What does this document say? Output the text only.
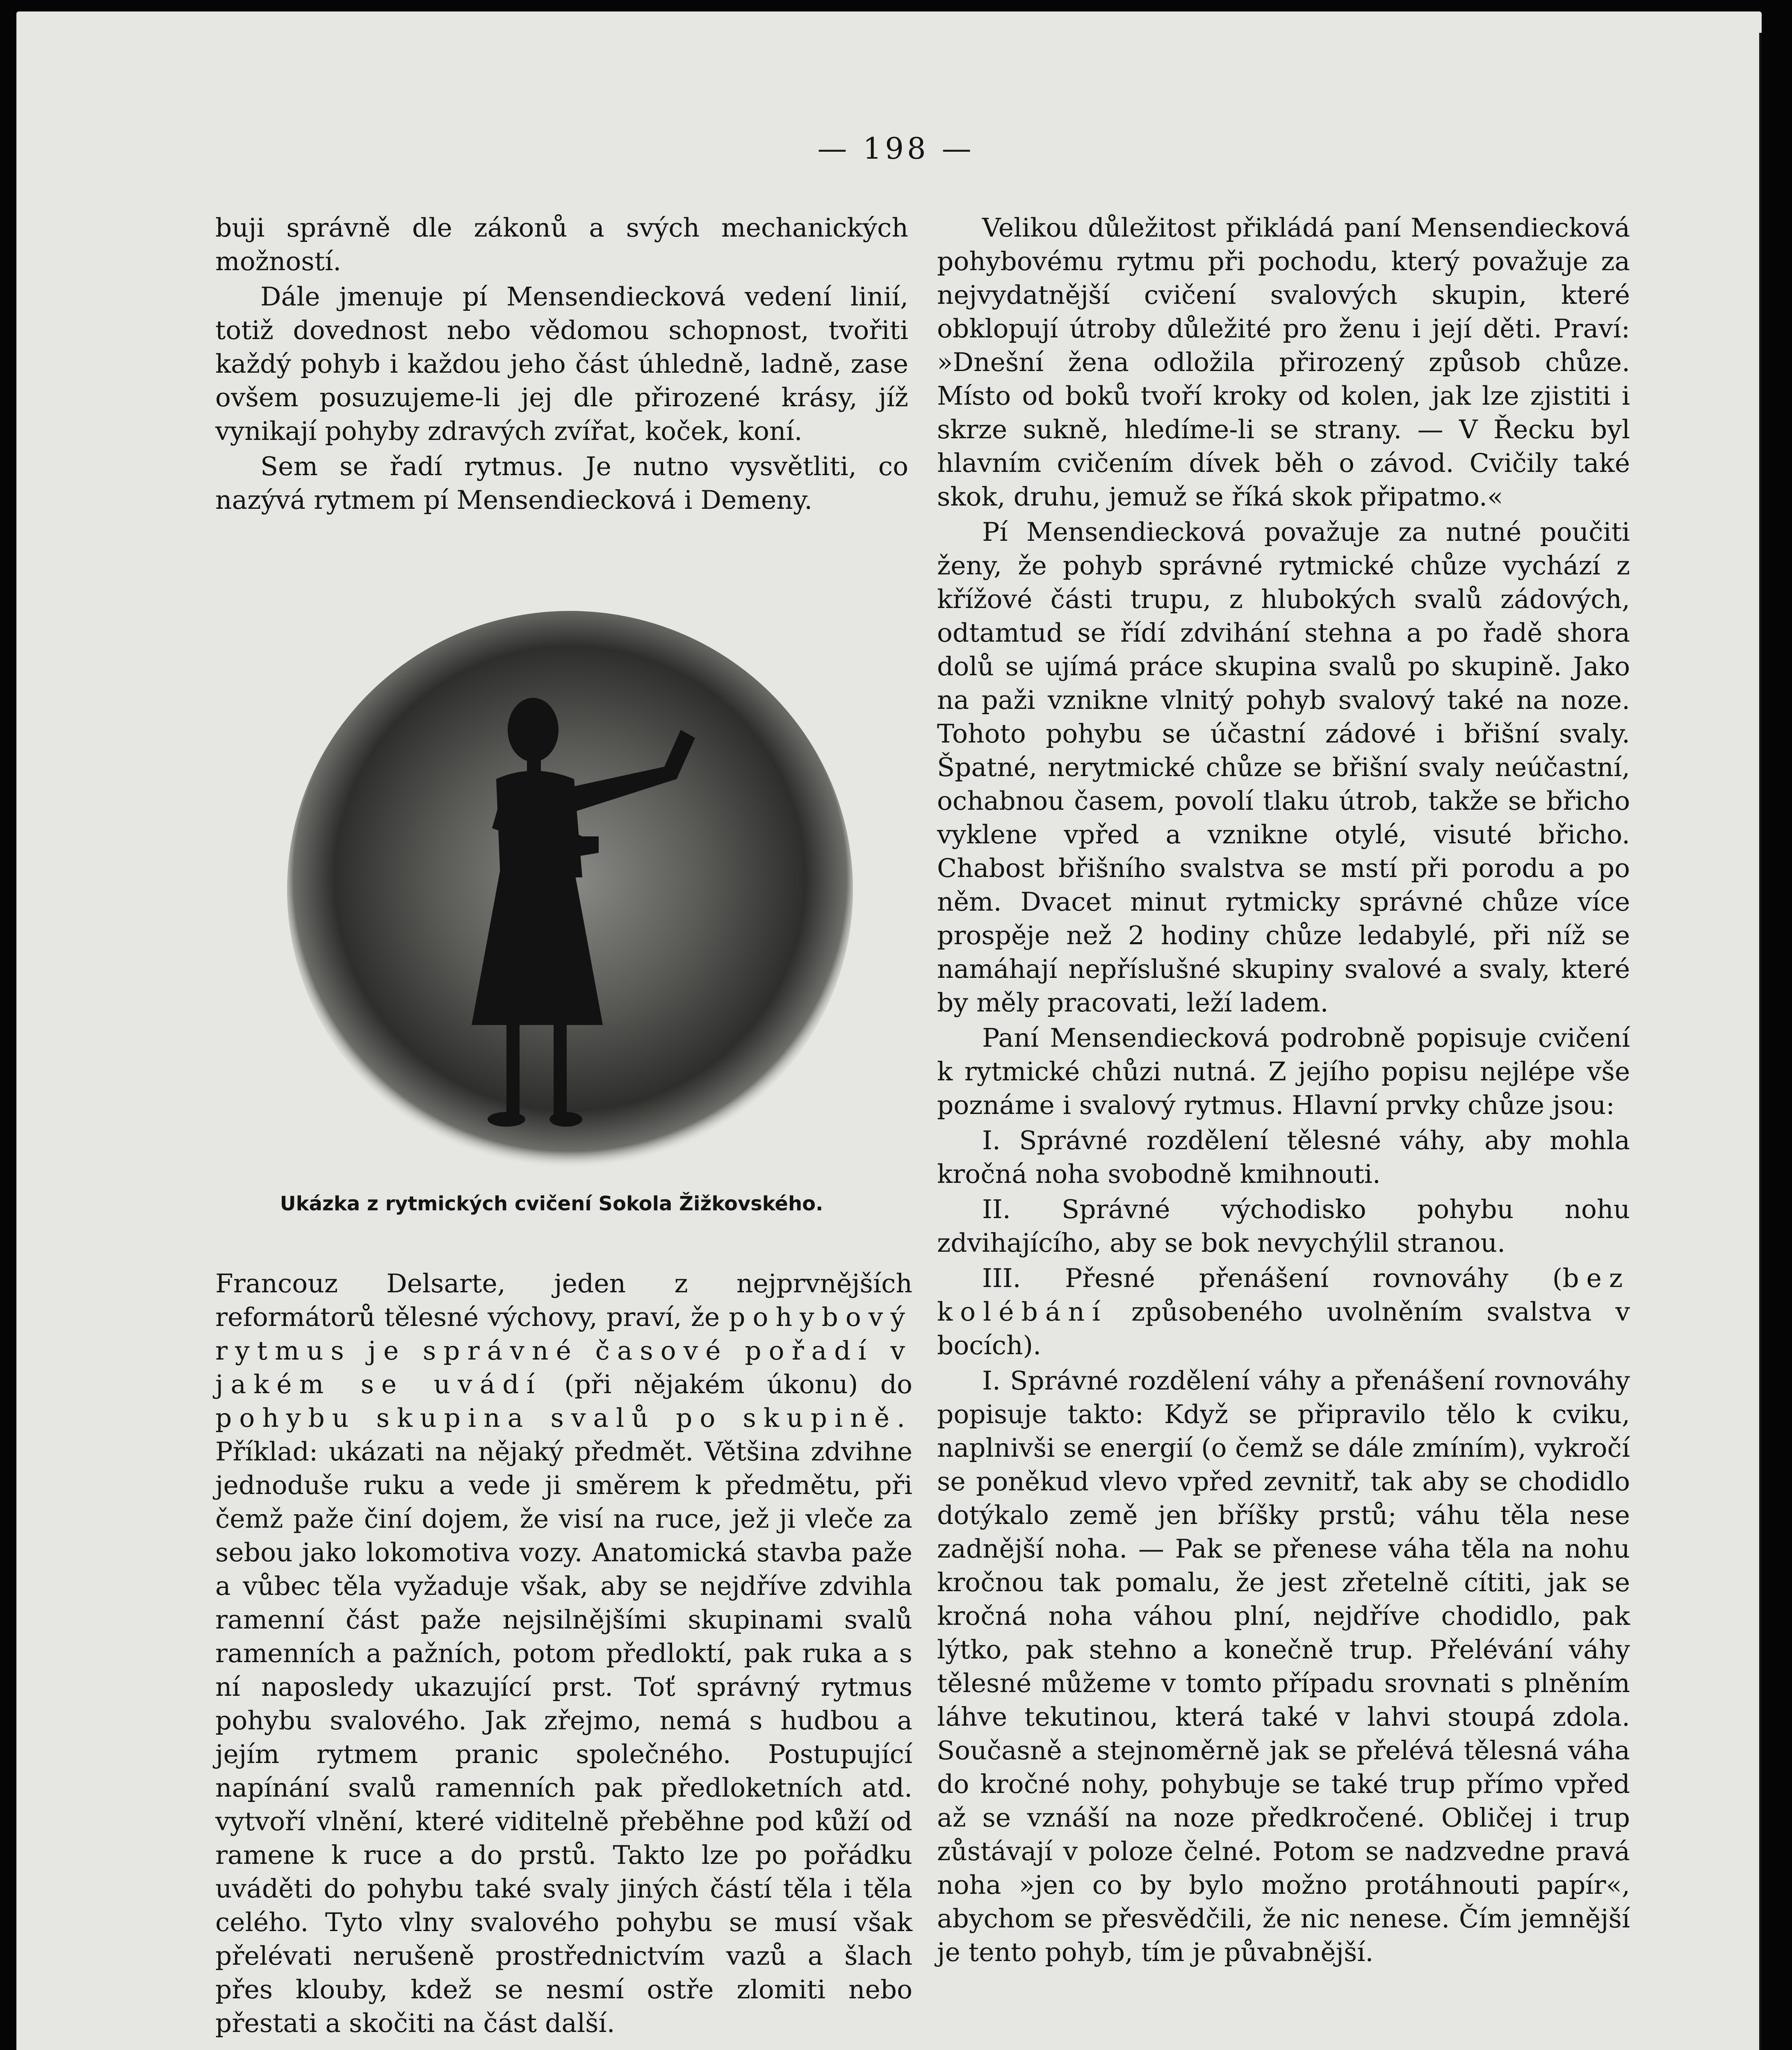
— 198 —

buji správně dle zákonů a svých mechanických možností.

Dále jmenuje pí Mensendiecková vedení linií, totiž dovednost nebo vědomou schopnost, tvořiti každý pohyb i každou jeho část úhledně, ladně, zase ovšem posuzujeme-li jej dle přirozené krásy, jíž vynikají pohyby zdravých zvířat, koček, koní.

Sem se řadí rytmus. Je nutno vysvětliti, co nazývá rytmem pí Mensendiecková i Demeny.

Ukázka z rytmických cvičení Sokola Žižkovského.

Francouz Delsarte, jeden z nejprvnějších reformátorů tělesné výchovy, praví, že pohybový rytmus je správné časové pořadí v jakém se uvádí (při nějakém úkonu) do pohybu skupina svalů po skupině. Příklad: ukázati na nějaký předmět. Většina zdvihne jednoduše ruku a vede ji směrem k předmětu, při čemž paže činí dojem, že visí na ruce, jež ji vleče za sebou jako lokomotiva vozy. Anatomická stavba paže a vůbec těla vyžaduje však, aby se nejdříve zdvihla ramenní část paže nejsilnějšími skupinami svalů ramenních a pažních, potom předloktí, pak ruka a s ní naposledy ukazující prst. Toť správný rytmus pohybu svalového. Jak zřejmo, nemá s hudbou a jejím rytmem pranic společného. Postupující napínání svalů ramenních pak předloketních atd. vytvoří vlnění, které viditelně přeběhne pod kůží od ramene k ruce a do prstů. Takto lze po pořádku uváděti do pohybu také svaly jiných částí těla i těla celého. Tyto vlny svalového pohybu se musí však přelévati nerušeně prostřednictvím vazů a šlach přes klouby, kdež se nesmí ostře zlomiti nebo přestati a skočiti na část další.

Velikou důležitost přikládá paní Mensendiecková pohybovému rytmu při pochodu, který považuje za nejvydatnější cvičení svalových skupin, které obklopují útroby důležité pro ženu i její děti. Praví: »Dnešní žena odložila přirozený způsob chůze. Místo od boků tvoří kroky od kolen, jak lze zjistiti i skrze sukně, hledíme-li se strany. — V Řecku byl hlavním cvičením dívek běh o závod. Cvičily také skok, druhu, jemuž se říká skok připatmo.«

Pí Mensendiecková považuje za nutné poučiti ženy, že pohyb správné rytmické chůze vychází z křížové části trupu, z hlubokých svalů zádových, odtamtud se řídí zdvihání stehna a po řadě shora dolů se ujímá práce skupina svalů po skupině. Jako na paži vznikne vlnitý pohyb svalový také na noze. Tohoto pohybu se účastní zádové i břišní svaly. Špatné, nerytmické chůze se břišní svaly neúčastní, ochabnou časem, povolí tlaku útrob, takže se břicho vyklene vpřed a vznikne otylé, visuté břicho. Chabost břišního svalstva se mstí při porodu a po něm. Dvacet minut rytmicky správné chůze více prospěje než 2 hodiny chůze ledabylé, při níž se namáhají nepříslušné skupiny svalové a svaly, které by měly pracovati, leží ladem.

Paní Mensendiecková podrobně popisuje cvičení k rytmické chůzi nutná. Z jejího popisu nejlépe vše poznáme i svalový rytmus. Hlavní prvky chůze jsou:

I. Správné rozdělení tělesné váhy, aby mohla kročná noha svobodně kmihnouti.

II. Správné východisko pohybu nohu zdvihajícího, aby se bok nevychýlil stranou.

III. Přesné přenášení rovnováhy (bez kolébání způsobeného uvolněním svalstva v bocích).

I. Správné rozdělení váhy a přenášení rovnováhy popisuje takto: Když se připravilo tělo k cviku, naplnivši se energií (o čemž se dále zmíním), vykročí se poněkud vlevo vpřed zevnitř, tak aby se chodidlo dotýkalo země jen bříšky prstů; váhu těla nese zadnější noha. — Pak se přenese váha těla na nohu kročnou tak pomalu, že jest zřetelně cítiti, jak se kročná noha váhou plní, nejdříve chodidlo, pak lýtko, pak stehno a konečně trup. Přelévání váhy tělesné můžeme v tomto případu srovnati s plněním láhve tekutinou, která také v lahvi stoupá zdola. Současně a stejnoměrně jak se přelévá tělesná váha do kročné nohy, pohybuje se také trup přímo vpřed až se vznáší na noze předkročené. Obličej i trup zůstávají v poloze čelné. Potom se nadzvedne pravá noha »jen co by bylo možno protáhnouti papír«, abychom se přesvědčili, že nic nenese. Čím jemnější je tento pohyb, tím je půvabnější.
